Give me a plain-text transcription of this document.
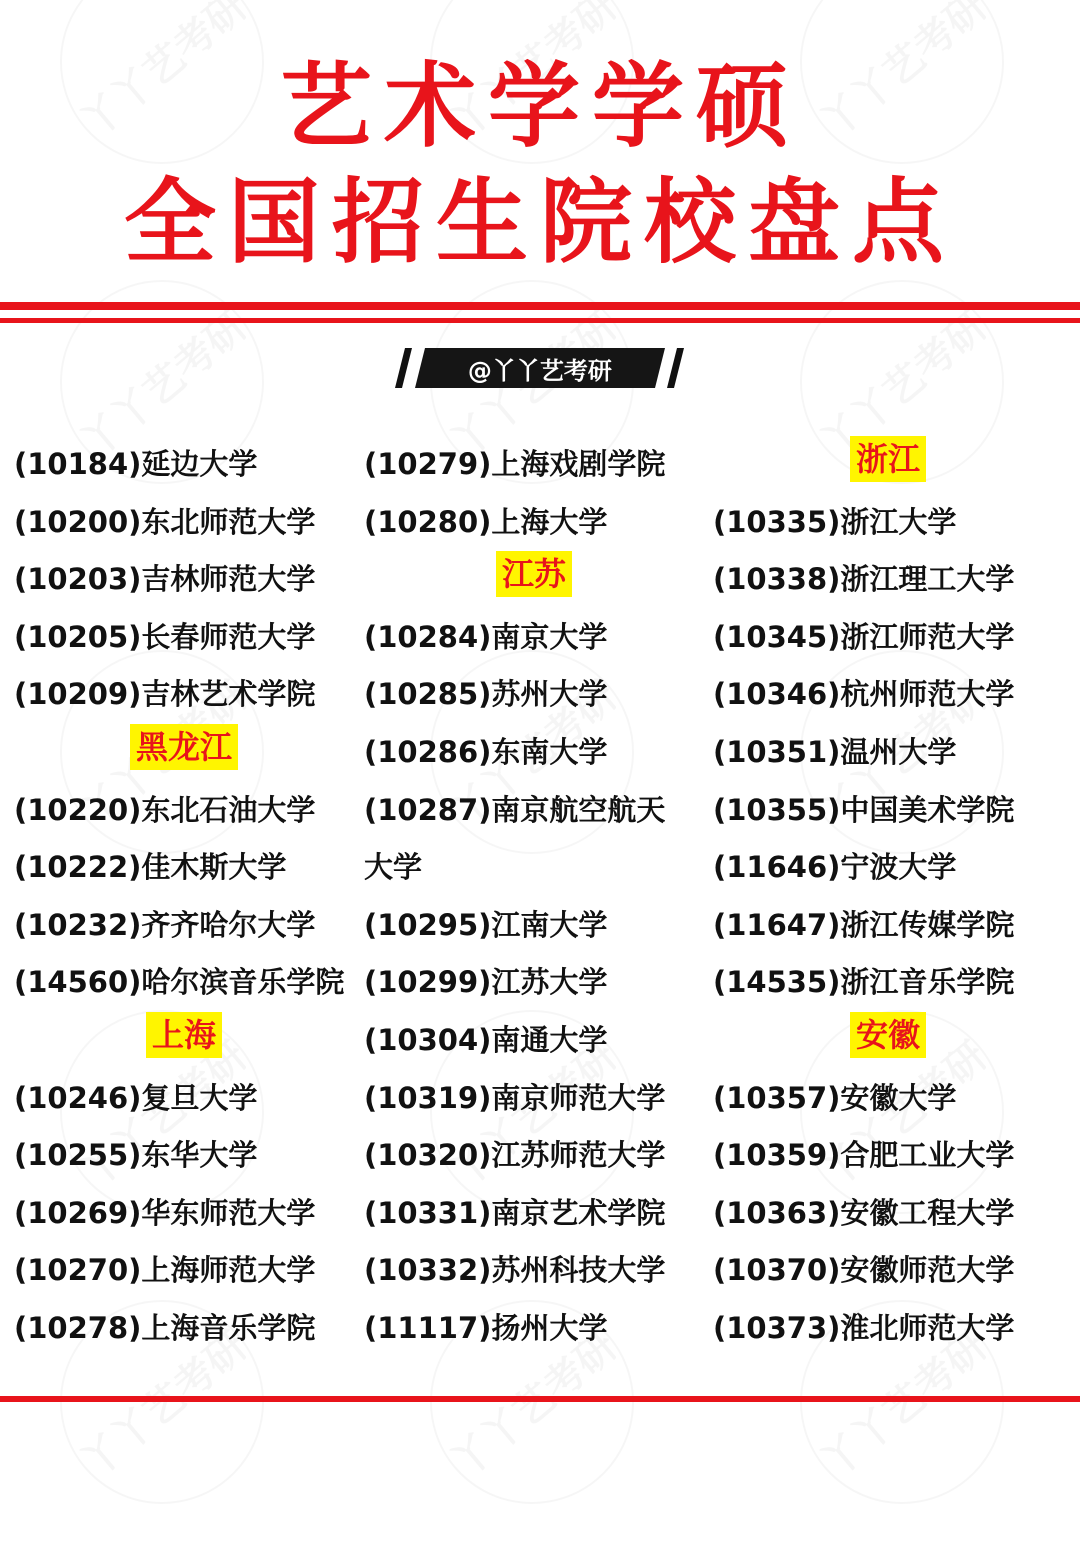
艺术学学硕
全国招生院校盘点
@丫丫艺考研
(10184)延边大学
(10200)东北师范大学
(10203)吉林师范大学
(10205)长春师范大学
(10209)吉林艺术学院
黑龙江
(10220)东北石油大学
(10222)佳木斯大学
(10232)齐齐哈尔大学
(14560)哈尔滨音乐学院
上海
(10246)复旦大学
(10255)东华大学
(10269)华东师范大学
(10270)上海师范大学
(10278)上海音乐学院
(10279)上海戏剧学院
(10280)上海大学
江苏
(10284)南京大学
(10285)苏州大学
(10286)东南大学
(10287)南京航空航天大学
(10295)江南大学
(10299)江苏大学
(10304)南通大学
(10319)南京师范大学
(10320)江苏师范大学
(10331)南京艺术学院
(10332)苏州科技大学
(11117)扬州大学
浙江
(10335)浙江大学
(10338)浙江理工大学
(10345)浙江师范大学
(10346)杭州师范大学
(10351)温州大学
(10355)中国美术学院
(11646)宁波大学
(11647)浙江传媒学院
(14535)浙江音乐学院
安徽
(10357)安徽大学
(10359)合肥工业大学
(10363)安徽工程大学
(10370)安徽师范大学
(10373)淮北师范大学
